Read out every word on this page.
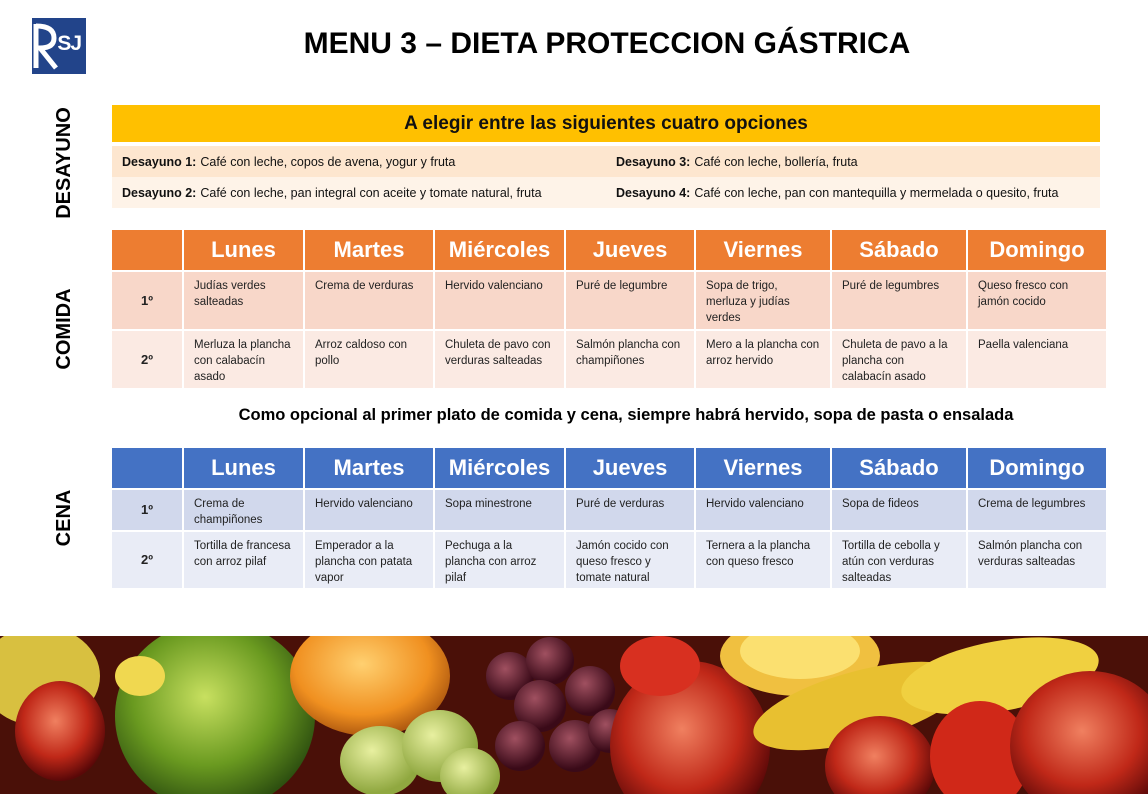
SJ	MENU 3 – DIETA PROTECCION GÁSTRICA
DESAYUNO
COMIDA
CENA
A elegir entre las siguientes cuatro opciones
Desayuno 1: Café con leche, copos de avena, yogur y fruta	Desayuno 3: Café con leche, bollería, fruta
Desayuno 2: Café con leche, pan integral con aceite y tomate natural, fruta	Desayuno 4: Café con leche, pan con mantequilla y mermelada o quesito, fruta
	Lunes	Martes	Miércoles	Jueves	Viernes	Sábado	Domingo
1º	Judías verdes salteadas	Crema de verduras	Hervido valenciano	Puré de legumbre	Sopa de trigo, merluza y judías verdes	Puré de legumbres	Queso fresco con jamón cocido
2º	Merluza la plancha con calabacín asado	Arroz caldoso con pollo	Chuleta de pavo con verduras salteadas	Salmón plancha con champiñones	Mero a la plancha con arroz hervido	Chuleta de pavo a la plancha con calabacín asado	Paella valenciana
Como opcional al primer plato de comida y cena, siempre habrá hervido, sopa de pasta o ensalada
	Lunes	Martes	Miércoles	Jueves	Viernes	Sábado	Domingo
1º	Crema de champiñones	Hervido valenciano	Sopa minestrone	Puré de verduras	Hervido valenciano	Sopa de fideos	Crema de legumbres
2º	Tortilla de francesa con arroz pilaf	Emperador a la plancha con patata vapor	Pechuga a la plancha con arroz pilaf	Jamón cocido con queso fresco y tomate natural	Ternera a la plancha con queso fresco	Tortilla de cebolla y atún con verduras salteadas	Salmón plancha con verduras salteadas
